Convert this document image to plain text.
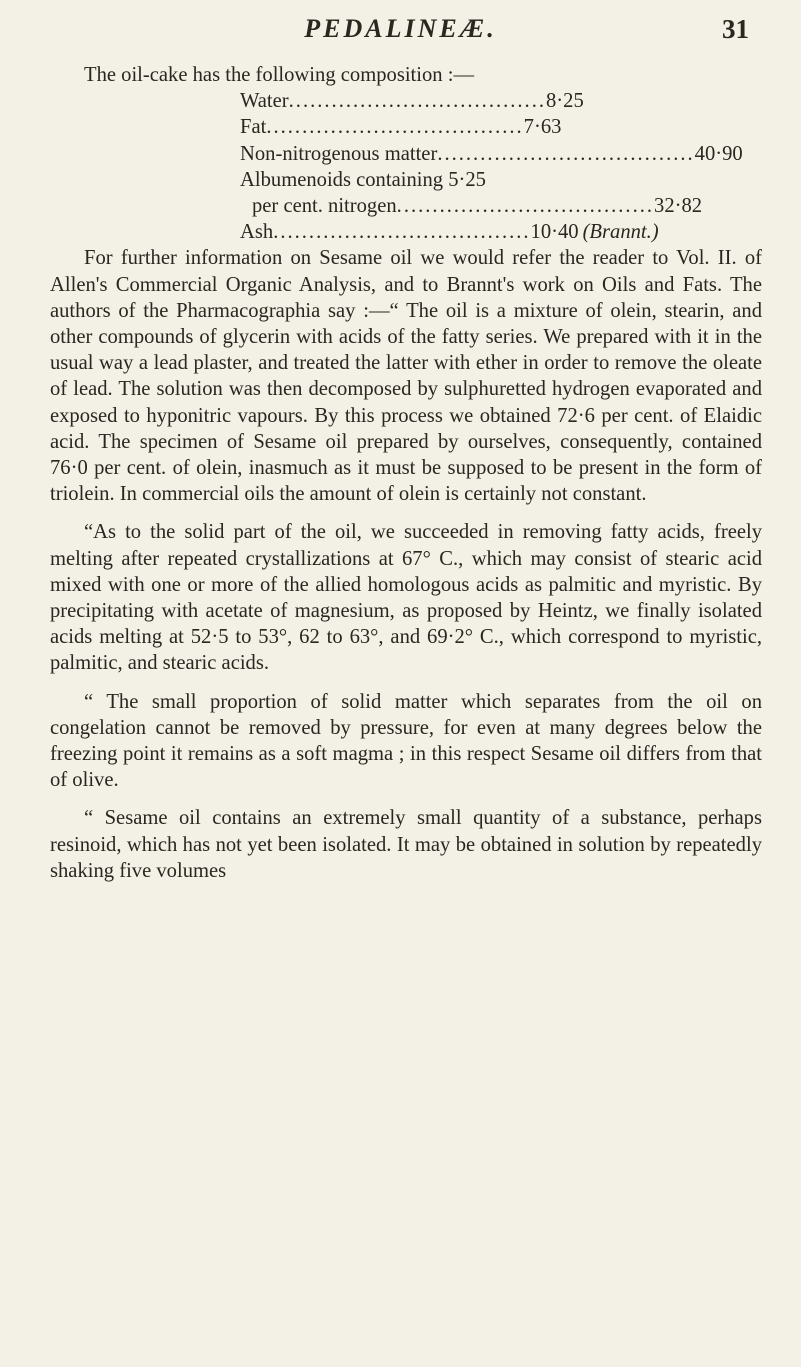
PEDALINEÆ.	31

The oil-cake has the following composition :—

Water .................................... 8·25
Fat .................................... 7·63
Non-nitrogenous matter .................................... 40·90
Albumenoids containing 5·25
per cent. nitrogen .................................... 32·82
Ash .................................... 10·40 (Brannt.)

For further information on Sesame oil we would refer the reader to Vol. II. of Allen's Commercial Organic Analysis, and to Brannt's work on Oils and Fats. The authors of the Pharmacographia say :—“ The oil is a mixture of olein, stearin, and other compounds of glycerin with acids of the fatty series. We prepared with it in the usual way a lead plaster, and treated the latter with ether in order to remove the oleate of lead. The solution was then decomposed by sulphuretted hydrogen evaporated and exposed to hyponitric vapours. By this process we obtained 72·6 per cent. of Elaidic acid. The specimen of Sesame oil prepared by ourselves, consequently, contained 76·0 per cent. of olein, inasmuch as it must be supposed to be present in the form of triolein. In commercial oils the amount of olein is certainly not constant.

“As to the solid part of the oil, we succeeded in removing fatty acids, freely melting after repeated crystallizations at 67° C., which may consist of stearic acid mixed with one or more of the allied homologous acids as palmitic and myristic. By precipitating with acetate of magnesium, as proposed by Heintz, we finally isolated acids melting at 52·5 to 53°, 62 to 63°, and 69·2° C., which correspond to myristic, palmitic, and stearic acids.

“ The small proportion of solid matter which separates from the oil on congelation cannot be removed by pressure, for even at many degrees below the freezing point it remains as a soft magma ; in this respect Sesame oil differs from that of olive.

“ Sesame oil contains an extremely small quantity of a substance, perhaps resinoid, which has not yet been isolated. It may be obtained in solution by repeatedly shaking five volumes
